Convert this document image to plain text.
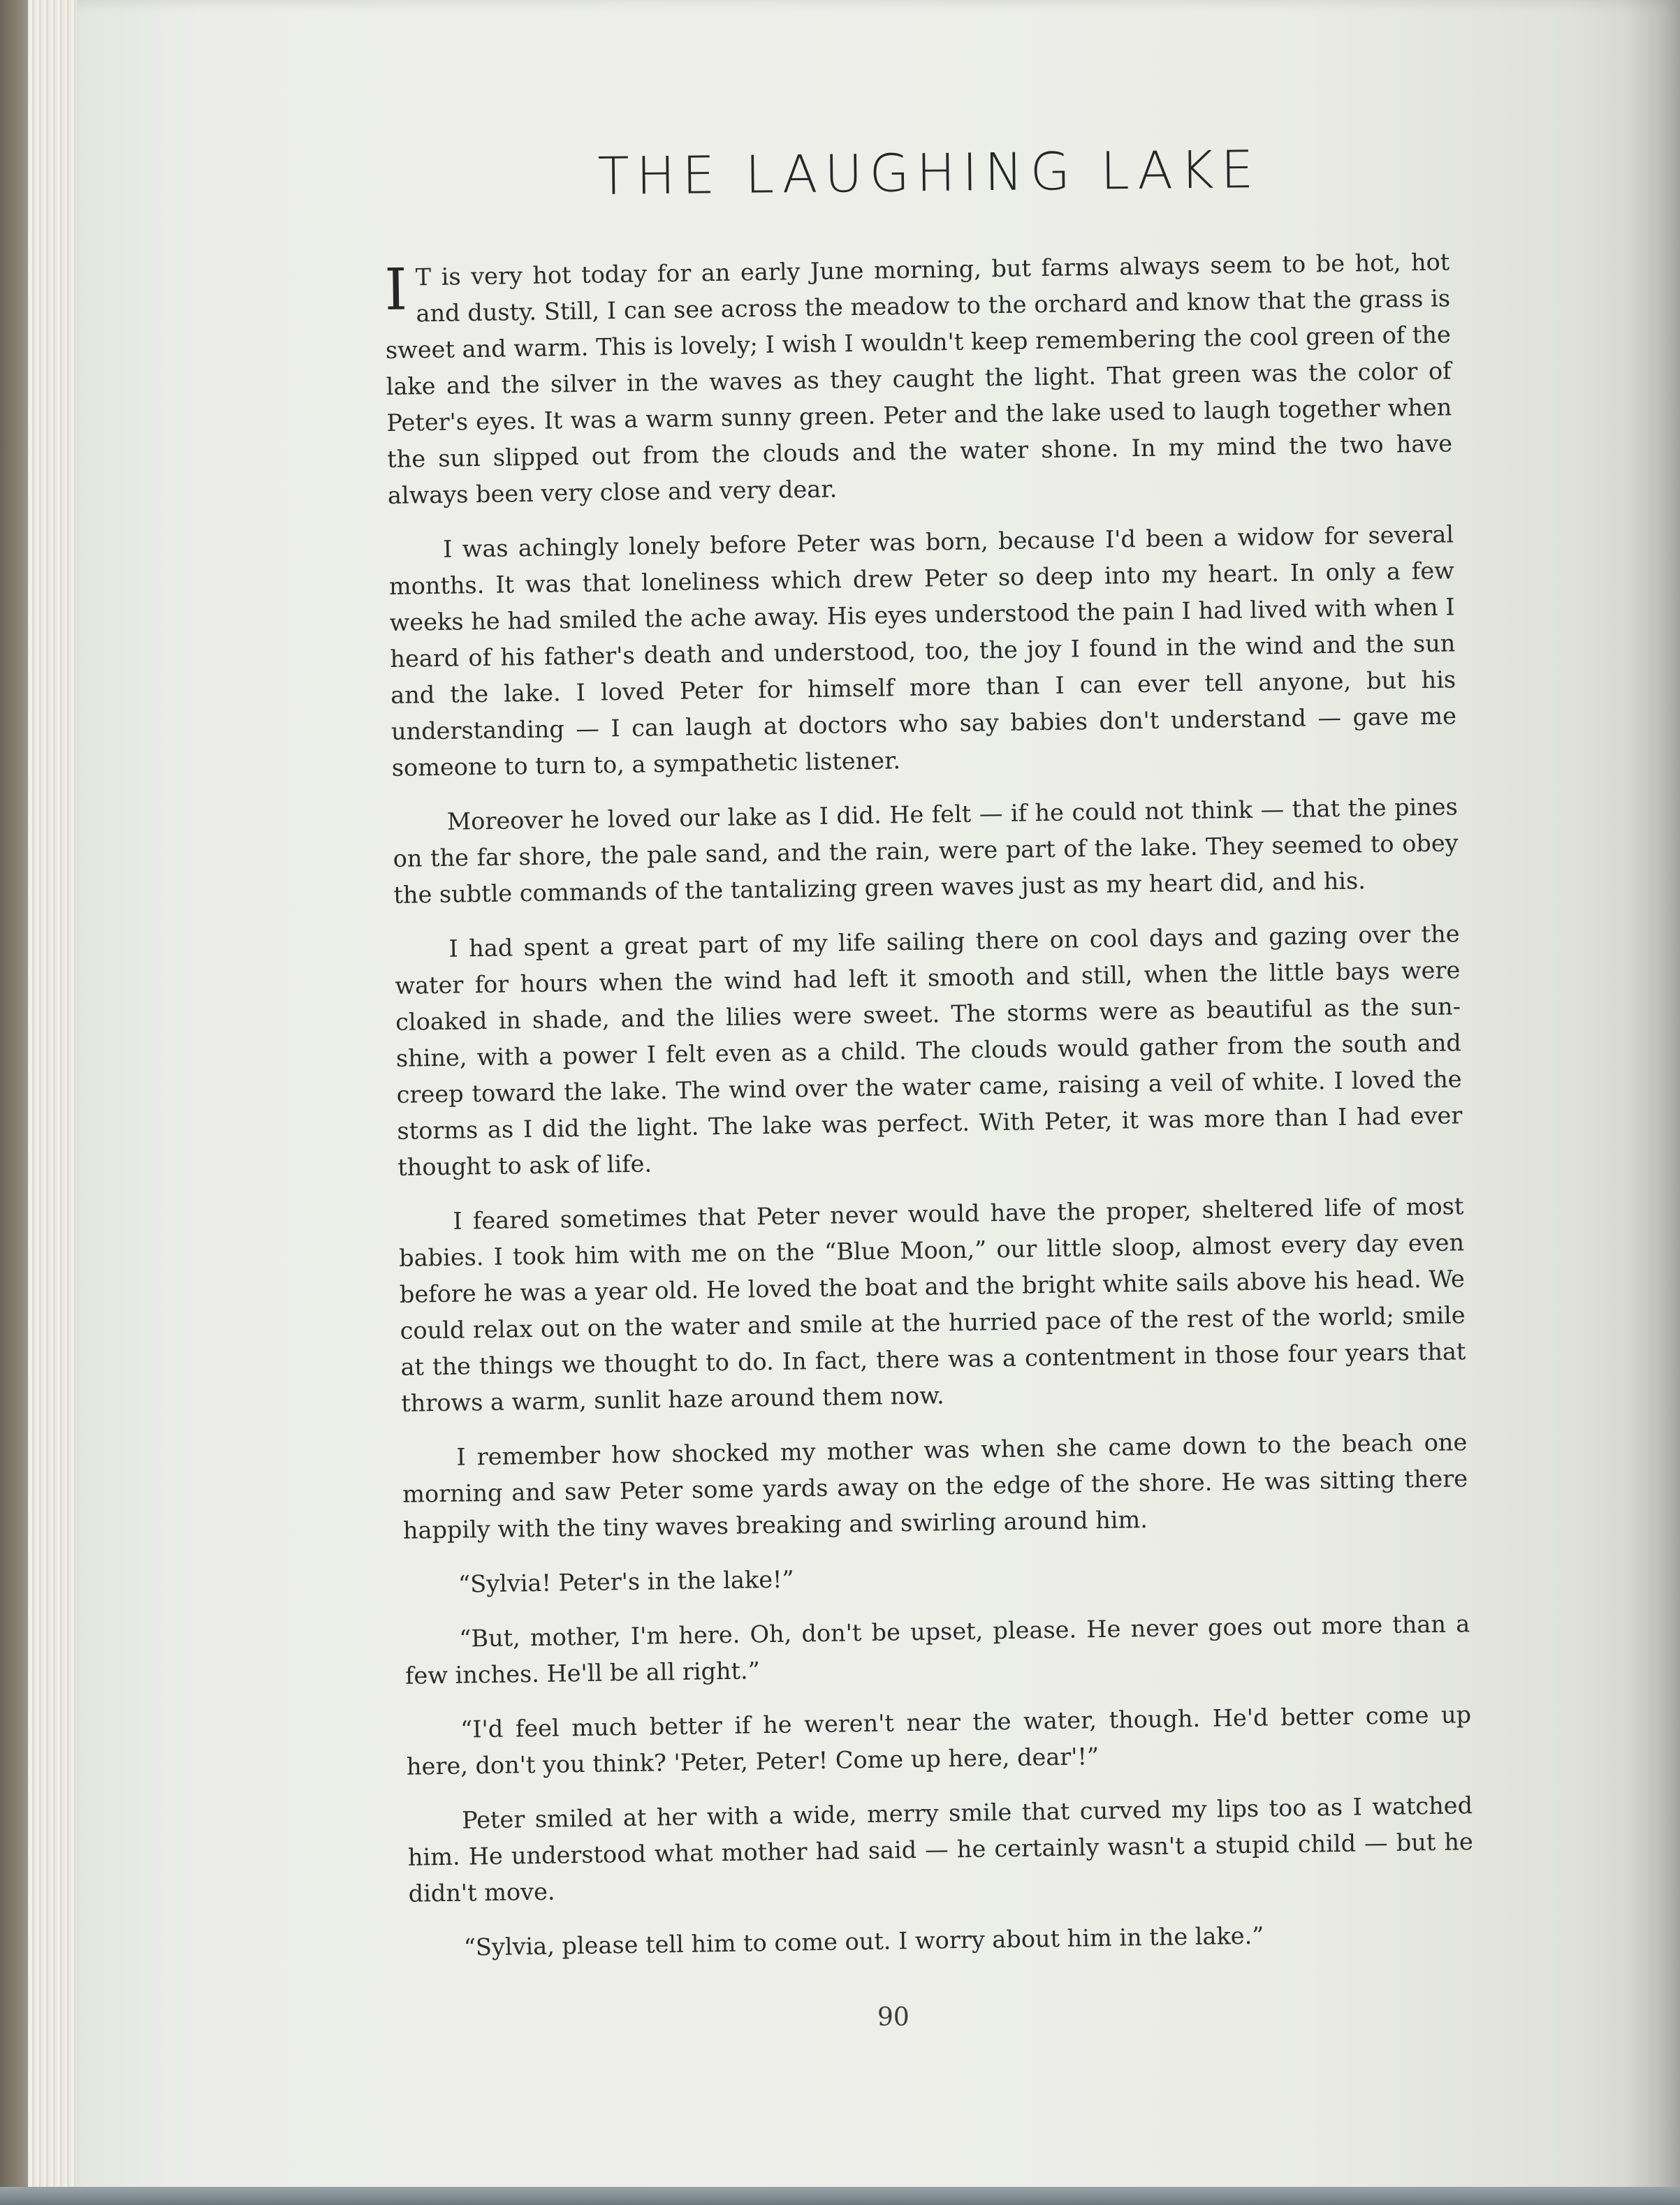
THE LAUGHING LAKE

I T is very hot today for an early June morning, but farms always seem to be hot, hot and dusty. Still, I can see across the meadow to the orchard and know that the grass is sweet and warm. This is lovely; I wish I wouldn't keep remembering the cool green of the lake and the silver in the waves as they caught the light. That green was the color of Peter's eyes. It was a warm sunny green. Peter and the lake used to laugh together when the sun slipped out from the clouds and the water shone. In my mind the two have always been very close and very dear.

I was achingly lonely before Peter was born, because I'd been a widow for several months. It was that loneliness which drew Peter so deep into my heart. In only a few weeks he had smiled the ache away. His eyes understood the pain I had lived with when I heard of his father's death and understood, too, the joy I found in the wind and the sun and the lake. I loved Peter for himself more than I can ever tell anyone, but his understanding — I can laugh at doctors who say babies don't understand — gave me someone to turn to, a sympathetic listener.

Moreover he loved our lake as I did. He felt — if he could not think — that the pines on the far shore, the pale sand, and the rain, were part of the lake. They seemed to obey the subtle commands of the tantalizing green waves just as my heart did, and his.

I had spent a great part of my life sailing there on cool days and gazing over the water for hours when the wind had left it smooth and still, when the little bays were cloaked in shade, and the lilies were sweet. The storms were as beautiful as the sun-shine, with a power I felt even as a child. The clouds would gather from the south and creep toward the lake. The wind over the water came, raising a veil of white. I loved the storms as I did the light. The lake was perfect. With Peter, it was more than I had ever thought to ask of life.

I feared sometimes that Peter never would have the proper, sheltered life of most babies. I took him with me on the “Blue Moon,” our little sloop, almost every day even before he was a year old. He loved the boat and the bright white sails above his head. We could relax out on the water and smile at the hurried pace of the rest of the world; smile at the things we thought to do. In fact, there was a contentment in those four years that throws a warm, sunlit haze around them now.

I remember how shocked my mother was when she came down to the beach one morning and saw Peter some yards away on the edge of the shore. He was sitting there happily with the tiny waves breaking and swirling around him.

“Sylvia! Peter's in the lake!”

“But, mother, I'm here. Oh, don't be upset, please. He never goes out more than a few inches. He'll be all right.”

“I'd feel much better if he weren't near the water, though. He'd better come up here, don't you think? 'Peter, Peter! Come up here, dear'!”

Peter smiled at her with a wide, merry smile that curved my lips too as I watched him. He understood what mother had said — he certainly wasn't a stupid child — but he didn't move.

“Sylvia, please tell him to come out. I worry about him in the lake.”

90
